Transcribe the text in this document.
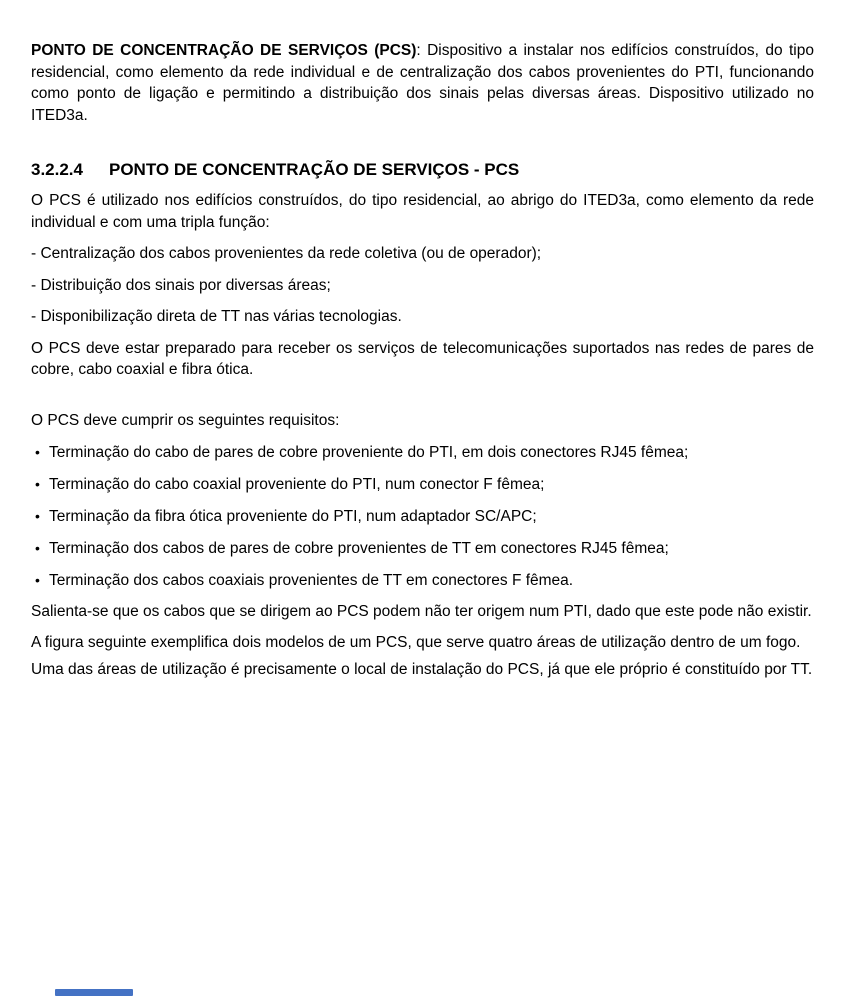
PONTO DE CONCENTRAÇÃO DE SERVIÇOS (PCS): Dispositivo a instalar nos edifícios construídos, do tipo residencial, como elemento da rede individual e de centralização dos cabos provenientes do PTI, funcionando como ponto de ligação e permitindo a distribuição dos sinais pelas diversas áreas. Dispositivo utilizado no ITED3a.

3.2.2.4 PONTO DE CONCENTRAÇÃO DE SERVIÇOS - PCS

O PCS é utilizado nos edifícios construídos, do tipo residencial, ao abrigo do ITED3a, como elemento da rede individual e com uma tripla função:

- Centralização dos cabos provenientes da rede coletiva (ou de operador);

- Distribuição dos sinais por diversas áreas;

- Disponibilização direta de TT nas várias tecnologias.

O PCS deve estar preparado para receber os serviços de telecomunicações suportados nas redes de pares de cobre, cabo coaxial e fibra ótica.

O PCS deve cumprir os seguintes requisitos:

• Terminação do cabo de pares de cobre proveniente do PTI, em dois conectores RJ45 fêmea;
• Terminação do cabo coaxial proveniente do PTI, num conector F fêmea;
• Terminação da fibra ótica proveniente do PTI, num adaptador SC/APC;
• Terminação dos cabos de pares de cobre provenientes de TT em conectores RJ45 fêmea;
• Terminação dos cabos coaxiais provenientes de TT em conectores F fêmea.

Salienta-se que os cabos que se dirigem ao PCS podem não ter origem num PTI, dado que este pode não existir.

A figura seguinte exemplifica dois modelos de um PCS, que serve quatro áreas de utilização dentro de um fogo.

Uma das áreas de utilização é precisamente o local de instalação do PCS, já que ele próprio é constituído por TT.
